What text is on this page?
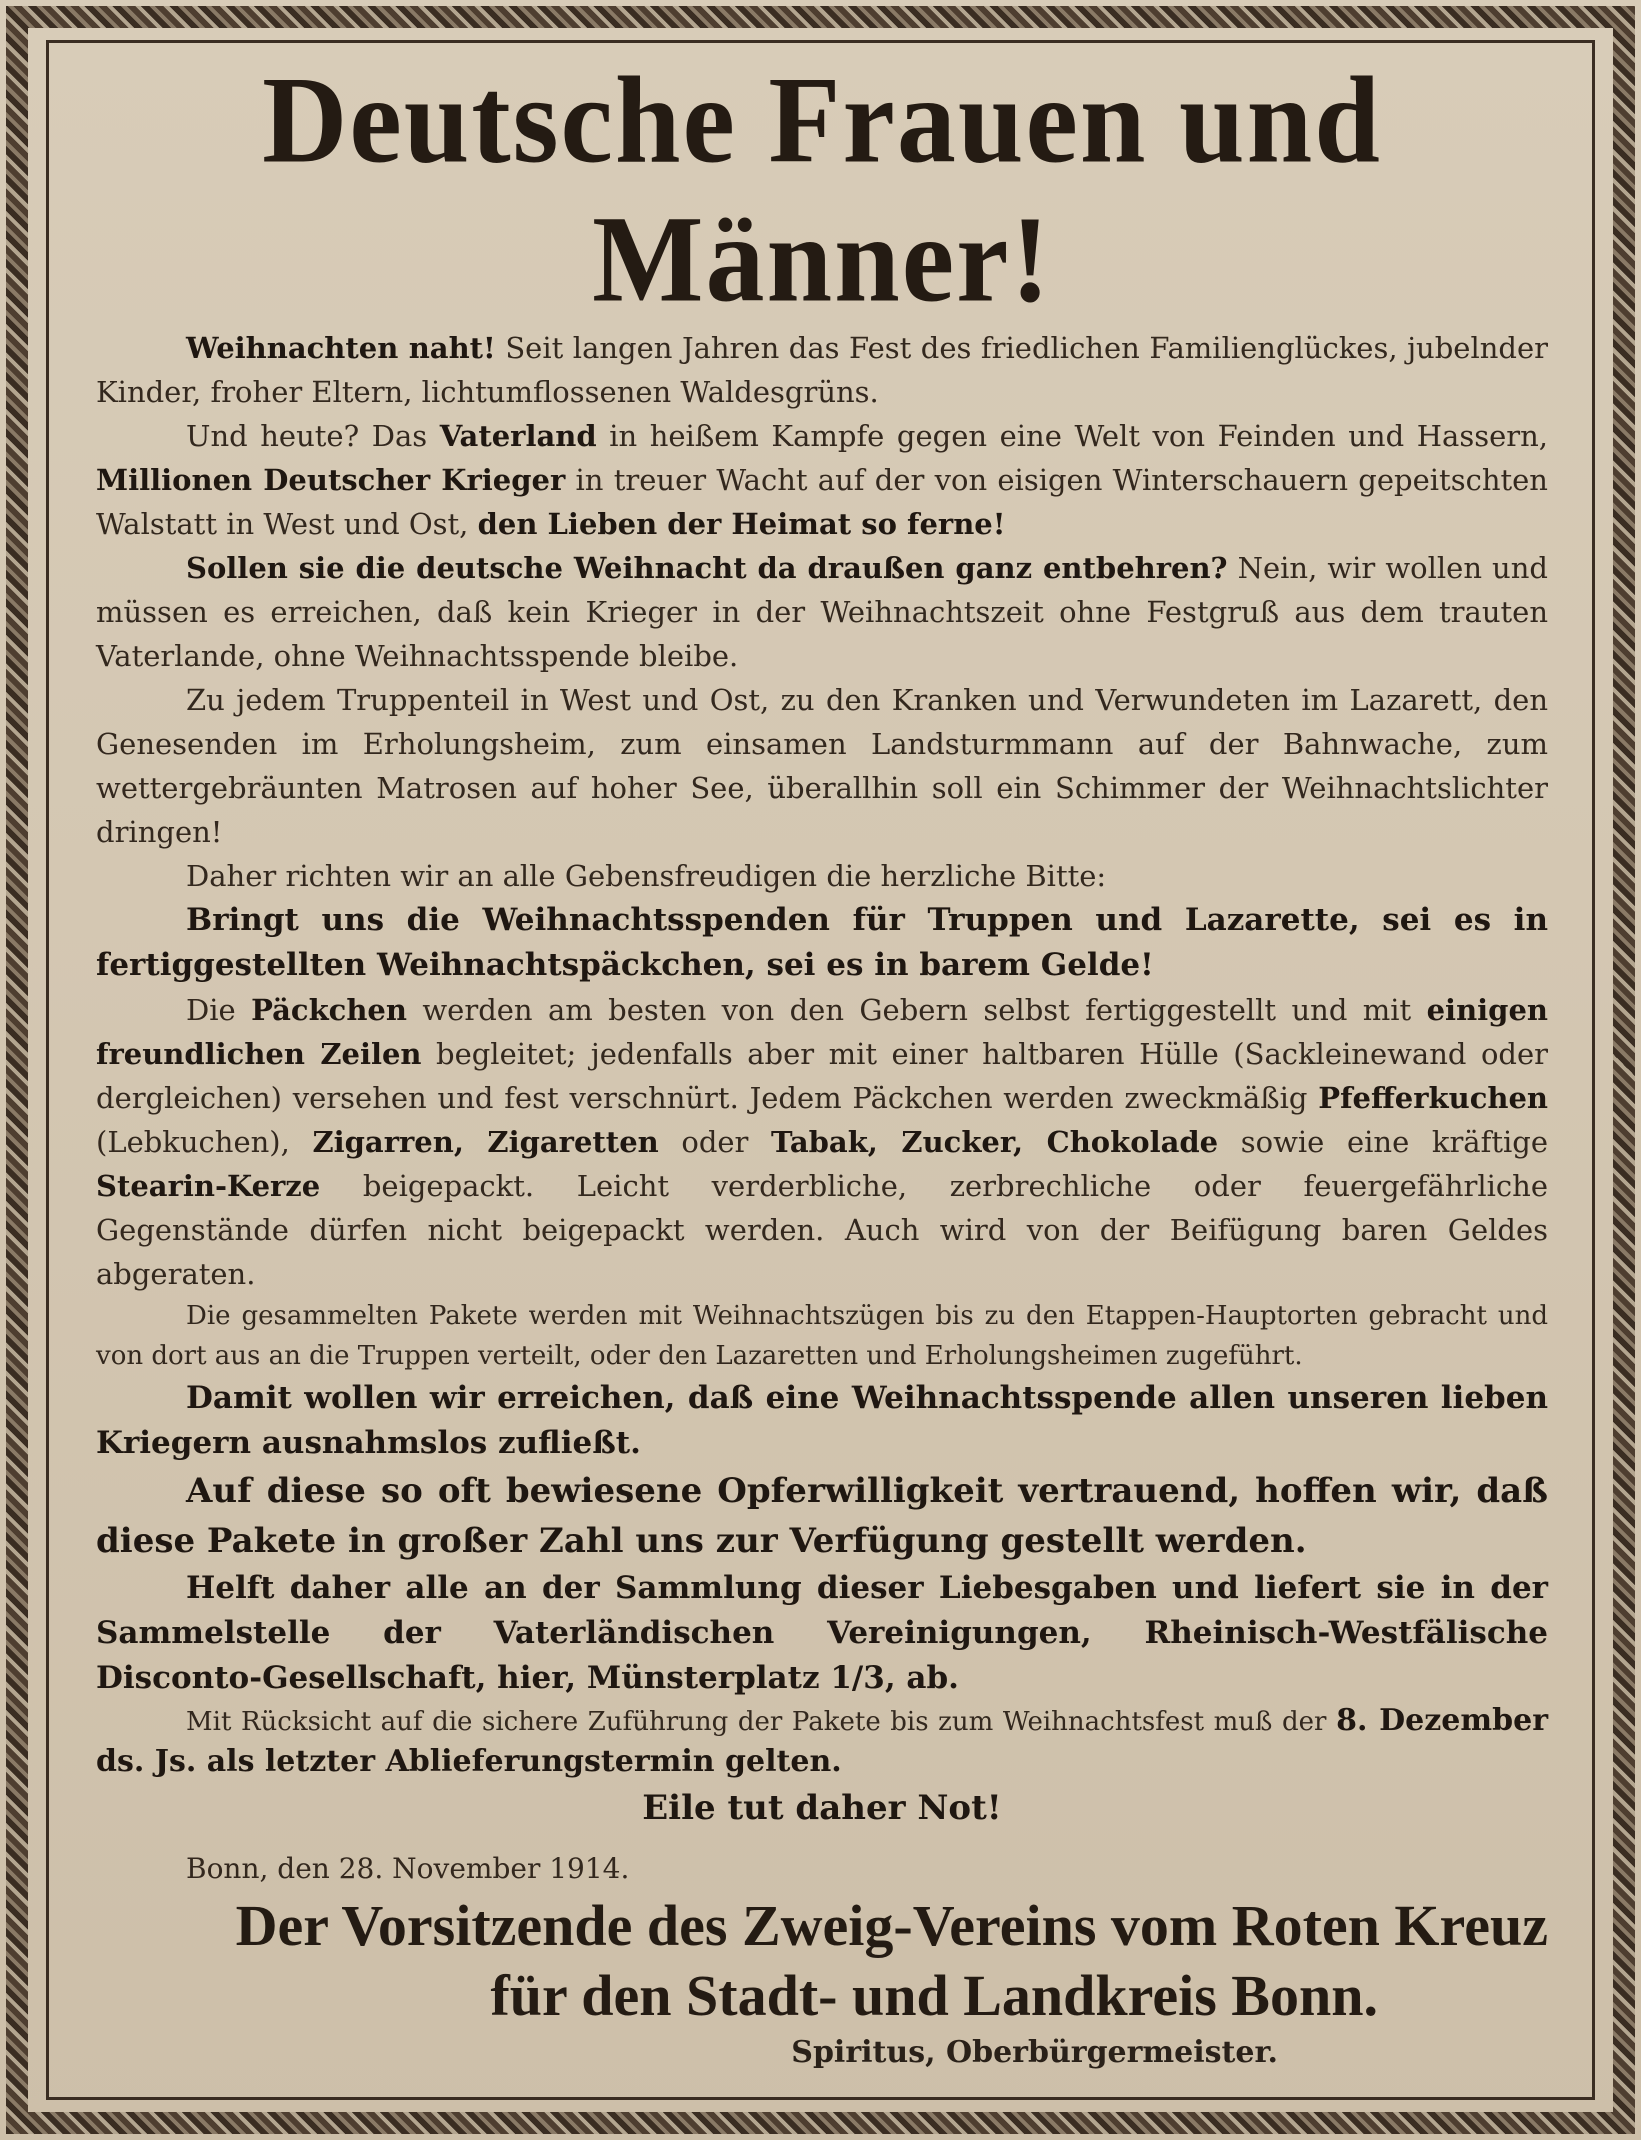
Deutsche Frauen und Männer!

Weihnachten naht! Seit langen Jahren das Fest des friedlichen Familienglückes, jubelnder Kinder, froher Eltern, lichtumflossenen Waldesgrüns.

Und heute? Das Vaterland in heißem Kampfe gegen eine Welt von Feinden und Hassern, Millionen Deutscher Krieger in treuer Wacht auf der von eisigen Winterschauern gepeitschten Walstatt in West und Ost, den Lieben der Heimat so ferne!

Sollen sie die deutsche Weihnacht da draußen ganz entbehren? Nein, wir wollen und müssen es erreichen, daß kein Krieger in der Weihnachtszeit ohne Festgruß aus dem trauten Vaterlande, ohne Weihnachtsspende bleibe.

Zu jedem Truppenteil in West und Ost, zu den Kranken und Verwundeten im Lazarett, den Genesenden im Erholungsheim, zum einsamen Landsturmmann auf der Bahnwache, zum wettergebräunten Matrosen auf hoher See, überallhin soll ein Schimmer der Weihnachtslichter dringen!

Daher richten wir an alle Gebensfreudigen die herzliche Bitte:

Bringt uns die Weihnachtsspenden für Truppen und Lazarette, sei es in fertiggestellten Weihnachtspäckchen, sei es in barem Gelde!

Die Päckchen werden am besten von den Gebern selbst fertiggestellt und mit einigen freundlichen Zeilen begleitet; jedenfalls aber mit einer haltbaren Hülle (Sackleinewand oder dergleichen) versehen und fest verschnürt. Jedem Päckchen werden zweckmäßig Pfefferkuchen (Lebkuchen), Zigarren, Zigaretten oder Tabak, Zucker, Chokolade sowie eine kräftige Stearin-Kerze beigepackt. Leicht verderbliche, zerbrechliche oder feuergefährliche Gegenstände dürfen nicht beigepackt werden. Auch wird von der Beifügung baren Geldes abgeraten.

Die gesammelten Pakete werden mit Weihnachtszügen bis zu den Etappen-Hauptorten gebracht und von dort aus an die Truppen verteilt, oder den Lazaretten und Erholungsheimen zugeführt.

Damit wollen wir erreichen, daß eine Weihnachtsspende allen unseren lieben Kriegern ausnahmslos zufließt.

Auf diese so oft bewiesene Opferwilligkeit vertrauend, hoffen wir, daß diese Pakete in großer Zahl uns zur Verfügung gestellt werden.

Helft daher alle an der Sammlung dieser Liebesgaben und liefert sie in der Sammelstelle der Vaterländischen Vereinigungen, Rheinisch-Westfälische Disconto-Gesellschaft, hier, Münsterplatz 1/3, ab.

Mit Rücksicht auf die sichere Zuführung der Pakete bis zum Weihnachtsfest muß der 8. Dezember ds. Js. als letzter Ablieferungstermin gelten.

Eile tut daher Not!

Bonn, den 28. November 1914.

Der Vorsitzende des Zweig-Vereins vom Roten Kreuz
für den Stadt- und Landkreis Bonn.
Spiritus, Oberbürgermeister.
